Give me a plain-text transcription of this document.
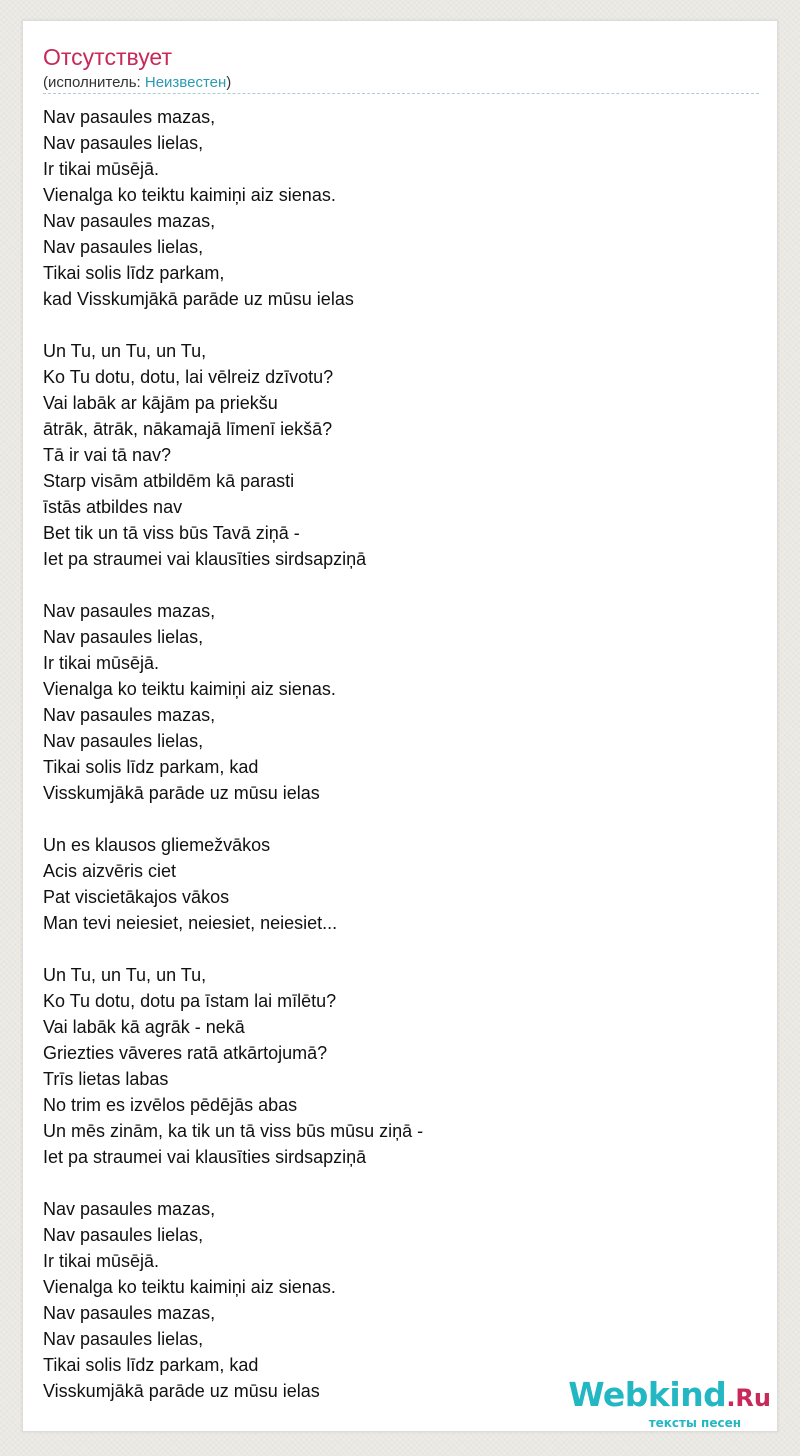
Отсутствует
(исполнитель: Неизвестен)
Nav pasaules mazas,
Nav pasaules lielas,
Ir tikai mūsējā.
Vienalga ko teiktu kaimiņi aiz sienas.
Nav pasaules mazas,
Nav pasaules lielas,
Tikai solis līdz parkam,
kad Visskumjākā parāde uz mūsu ielas

Un Tu, un Tu, un Tu,
Ko Tu dotu, dotu, lai vēlreiz dzīvotu?
Vai labāk ar kājām pa priekšu
ātrāk, ātrāk, nākamajā līmenī iekšā?
Tā ir vai tā nav?
Starp visām atbildēm kā parasti
īstās atbildes nav
Bet tik un tā viss būs Tavā ziņā -
Iet pa straumei vai klausīties sirdsapziņā

Nav pasaules mazas,
Nav pasaules lielas,
Ir tikai mūsējā.
Vienalga ko teiktu kaimiņi aiz sienas.
Nav pasaules mazas,
Nav pasaules lielas,
Tikai solis līdz parkam, kad
Visskumjākā parāde uz mūsu ielas

Un es klausos gliemežvākos
Acis aizvēris ciet
Pat viscietākajos vākos
Man tevi neiesiet, neiesiet, neiesiet...

Un Tu, un Tu, un Tu,
Ko Tu dotu, dotu pa īstam lai mīlētu?
Vai labāk kā agrāk - nekā
Griezties vāveres ratā atkārtojumā?
Trīs lietas labas
No trim es izvēlos pēdējās abas
Un mēs zinām, ka tik un tā viss būs mūsu ziņā -
Iet pa straumei vai klausīties sirdsapziņā

Nav pasaules mazas,
Nav pasaules lielas,
Ir tikai mūsējā.
Vienalga ko teiktu kaimiņi aiz sienas.
Nav pasaules mazas,
Nav pasaules lielas,
Tikai solis līdz parkam, kad
Visskumjākā parāde uz mūsu ielas	Webkind.Ru
тексты песен
